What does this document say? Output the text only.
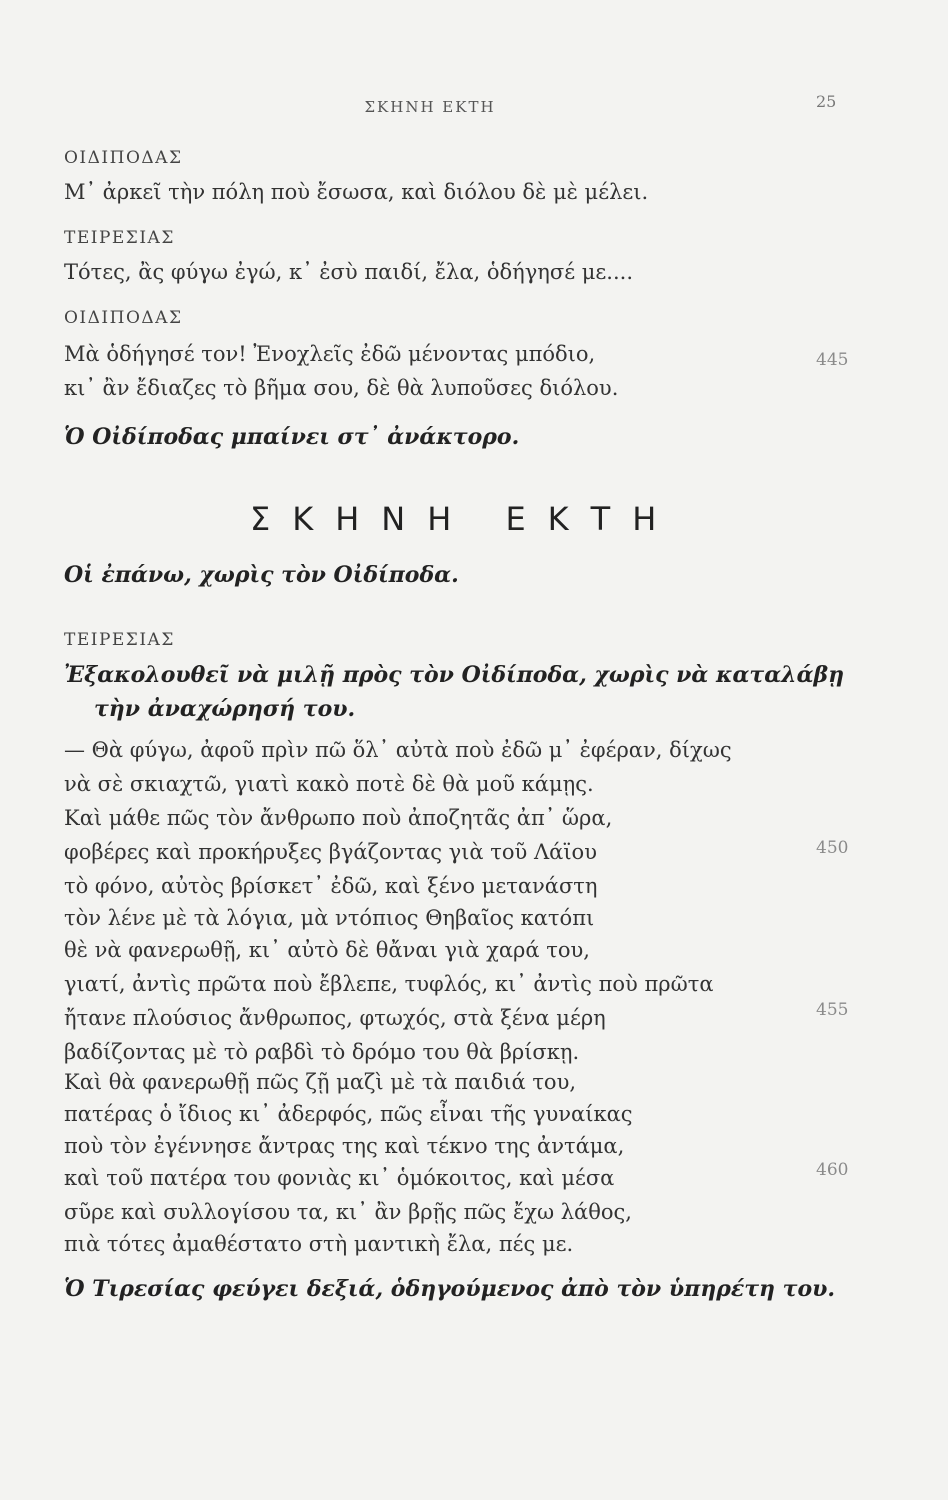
ΣΚΗΝΗ ΕΚΤΗ	25
ΟΙΔΙΠΟΔΑΣ
Μ᾽ ἀρκεῖ τὴν πόλη ποὺ ἔσωσα, καὶ διόλου δὲ μὲ μέλει.
ΤΕΙΡΕΣΙΑΣ
Τότες, ἂς φύγω ἐγώ, κ᾽ ἐσὺ παιδί, ἔλα, ὁδήγησέ με....
ΟΙΔΙΠΟΔΑΣ
Μὰ ὁδήγησέ τον! Ἐνοχλεῖς ἐδῶ μένοντας μπόδιο,	445
κι᾽ ἂν ἔδιαζες τὸ βῆμα σου, δὲ θὰ λυποῦσες διόλου.
Ὁ Οἰδίποδας μπαίνει στ᾽ ἀνάκτορο.
ΣΚΗΝΗ ΕΚΤΗ
Οἱ ἐπάνω, χωρὶς τὸν Οἰδίποδα.
ΤΕΙΡΕΣΙΑΣ
Ἐξακολουθεῖ νὰ μιλῇ πρὸς τὸν Οἰδίποδα, χωρὶς νὰ καταλάβῃ
τὴν ἀναχώρησή του.
— Θὰ φύγω, ἀφοῦ πρὶν πῶ ὅλ᾽ αὐτὰ ποὺ ἐδῶ μ᾽ ἐφέραν, δίχως
νὰ σὲ σκιαχτῶ, γιατὶ κακὸ ποτὲ δὲ θὰ μοῦ κάμῃς.
Καὶ μάθε πῶς τὸν ἄνθρωπο ποὺ ἀποζητᾶς ἀπ᾽ ὥρα,
φοβέρες καὶ προκήρυξες βγάζοντας γιὰ τοῦ Λάϊου	450
τὸ φόνο, αὐτὸς βρίσκετ᾽ ἐδῶ, καὶ ξένο μετανάστη
τὸν λένε μὲ τὰ λόγια, μὰ ντόπιος Θηβαῖος κατόπι
θὲ νὰ φανερωθῇ, κι᾽ αὐτὸ δὲ θἄναι γιὰ χαρά του,
γιατί, ἀντὶς πρῶτα ποὺ ἔβλεπε, τυφλός, κι᾽ ἀντὶς ποὺ πρῶτα
ἤτανε πλούσιος ἄνθρωπος, φτωχός, στὰ ξένα μέρη	455
βαδίζοντας μὲ τὸ ραβδὶ τὸ δρόμο του θὰ βρίσκῃ.
Καὶ θὰ φανερωθῇ πῶς ζῇ μαζὶ μὲ τὰ παιδιά του,
πατέρας ὁ ἴδιος κι᾽ ἀδερφός, πῶς εἶναι τῆς γυναίκας
ποὺ τὸν ἐγέννησε ἄντρας της καὶ τέκνο της ἀντάμα,
καὶ τοῦ πατέρα του φονιὰς κι᾽ ὁμόκοιτος, καὶ μέσα	460
σῦρε καὶ συλλογίσου τα, κι᾽ ἂν βρῇς πῶς ἔχω λάθος,
πιὰ τότες ἀμαθέστατο στὴ μαντικὴ ἔλα, πές με.
Ὁ Τιρεσίας φεύγει δεξιά, ὁδηγούμενος ἀπὸ τὸν ὑπηρέτη του.
